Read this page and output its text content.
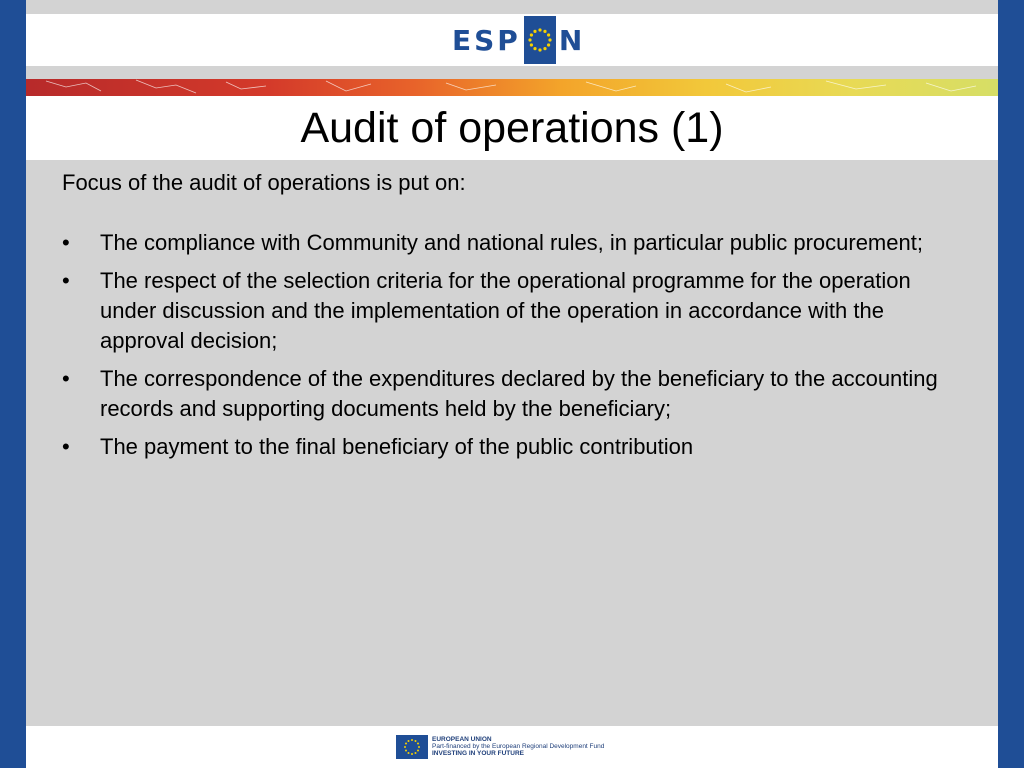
ESP N
Audit of operations (1)

Focus of the audit of operations is put on:

• The compliance with Community and national rules, in particular public procurement;
• The respect of the selection criteria for the operational programme for the operation under discussion and the implementation of the operation in accordance with the approval decision;
• The correspondence of the expenditures declared by the beneficiary to the accounting records and supporting documents held by the beneficiary;
• The payment to the final beneficiary of the public contribution
EUROPEAN UNION
Part-financed by the European Regional Development Fund
INVESTING IN YOUR FUTURE
